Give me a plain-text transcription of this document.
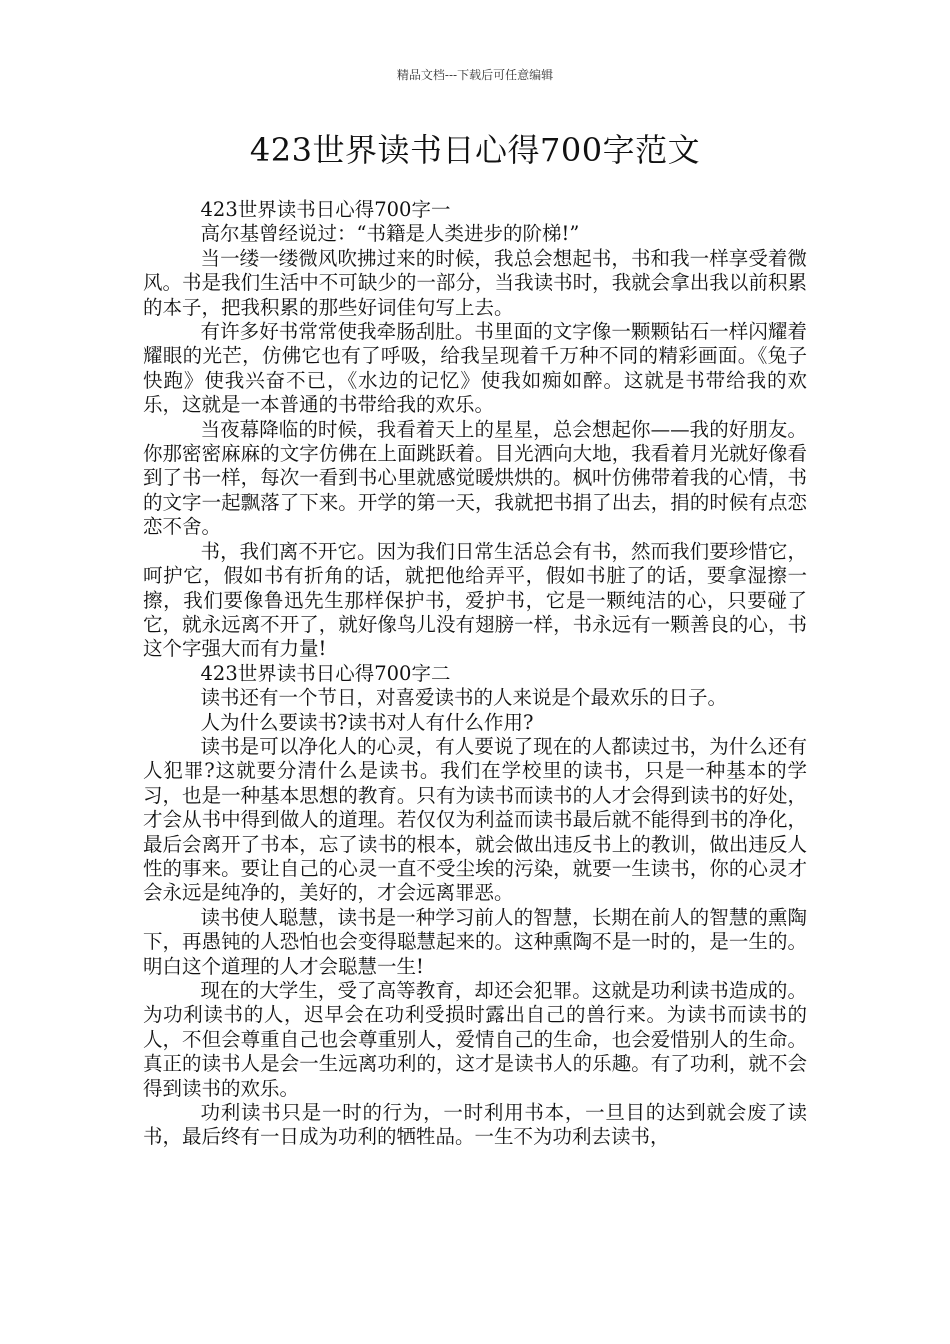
精品文档---下载后可任意编辑
423世界读书日心得700字范文

423世界读书日心得700字一

高尔基曾经说过：“书籍是人类进步的阶梯!”

当一缕一缕微风吹拂过来的时候，我总会想起书，书和我一样享受着微风。书是我们生活中不可缺少的一部分，当我读书时，我就会拿出我以前积累的本子，把我积累的那些好词佳句写上去。

有许多好书常常使我牵肠刮肚。书里面的文字像一颗颗钻石一样闪耀着耀眼的光芒，仿佛它也有了呼吸，给我呈现着千万种不同的精彩画面。《兔子快跑》使我兴奋不已，《水边的记忆》使我如痴如醉。这就是书带给我的欢乐，这就是一本普通的书带给我的欢乐。

当夜幕降临的时候，我看着天上的星星，总会想起你——我的好朋友。你那密密麻麻的文字仿佛在上面跳跃着。目光洒向大地，我看着月光就好像看到了书一样，每次一看到书心里就感觉暖烘烘的。枫叶仿佛带着我的心情，书的文字一起飘落了下来。开学的第一天，我就把书捐了出去，捐的时候有点恋恋不舍。

书，我们离不开它。因为我们日常生活总会有书，然而我们要珍惜它，呵护它，假如书有折角的话，就把他给弄平，假如书脏了的话，要拿湿擦一擦，我们要像鲁迅先生那样保护书，爱护书，它是一颗纯洁的心，只要碰了它，就永远离不开了，就好像鸟儿没有翅膀一样，书永远有一颗善良的心，书这个字强大而有力量!

423世界读书日心得700字二

读书还有一个节日，对喜爱读书的人来说是个最欢乐的日子。

人为什么要读书?读书对人有什么作用?

读书是可以净化人的心灵，有人要说了现在的人都读过书，为什么还有人犯罪?这就要分清什么是读书。我们在学校里的读书，只是一种基本的学习，也是一种基本思想的教育。只有为读书而读书的人才会得到读书的好处，才会从书中得到做人的道理。若仅仅为利益而读书最后就不能得到书的净化，最后会离开了书本，忘了读书的根本，就会做出违反书上的教训，做出违反人性的事来。要让自己的心灵一直不受尘埃的污染，就要一生读书，你的心灵才会永远是纯净的，美好的，才会远离罪恶。

读书使人聪慧，读书是一种学习前人的智慧，长期在前人的智慧的熏陶下，再愚钝的人恐怕也会变得聪慧起来的。这种熏陶不是一时的，是一生的。明白这个道理的人才会聪慧一生!

现在的大学生，受了高等教育，却还会犯罪。这就是功利读书造成的。为功利读书的人，迟早会在功利受损时露出自己的兽行来。为读书而读书的人，不但会尊重自己也会尊重别人，爱情自己的生命，也会爱惜别人的生命。真正的读书人是会一生远离功利的，这才是读书人的乐趣。有了功利，就不会得到读书的欢乐。

功利读书只是一时的行为，一时利用书本，一旦目的达到就会废了读书，最后终有一日成为功利的牺牲品。一生不为功利去读书，
